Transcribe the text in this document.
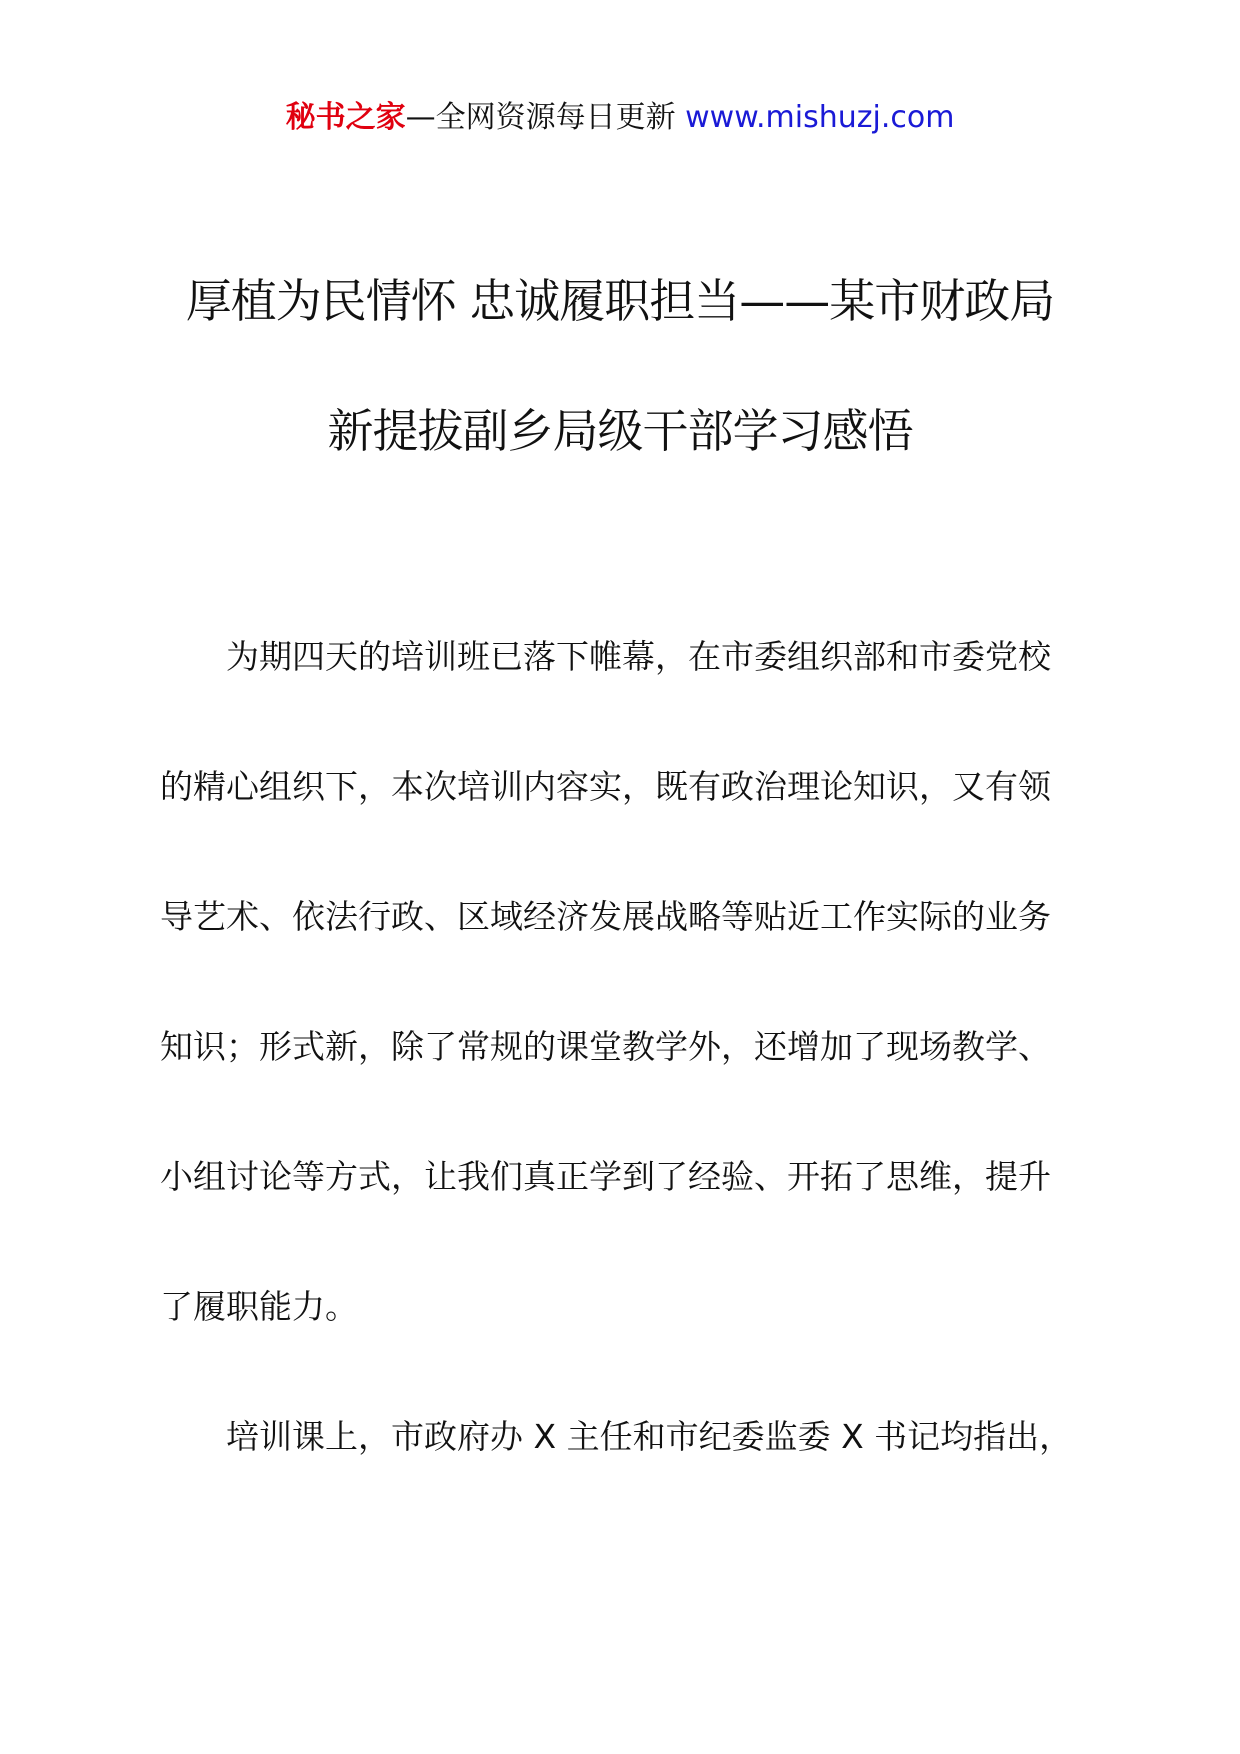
秘书之家—全网资源每日更新 www.mishuzj.com
厚植为民情怀 忠诚履职担当——某市财政局
新提拔副乡局级干部学习感悟
为期四天的培训班已落下帷幕，在市委组织部和市委党校
的精心组织下，本次培训内容实，既有政治理论知识，又有领
导艺术、依法行政、区域经济发展战略等贴近工作实际的业务
知识；形式新，除了常规的课堂教学外，还增加了现场教学、
小组讨论等方式，让我们真正学到了经验、开拓了思维，提升
了履职能力。
培训课上，市政府办 X 主任和市纪委监委 X 书记均指出，
